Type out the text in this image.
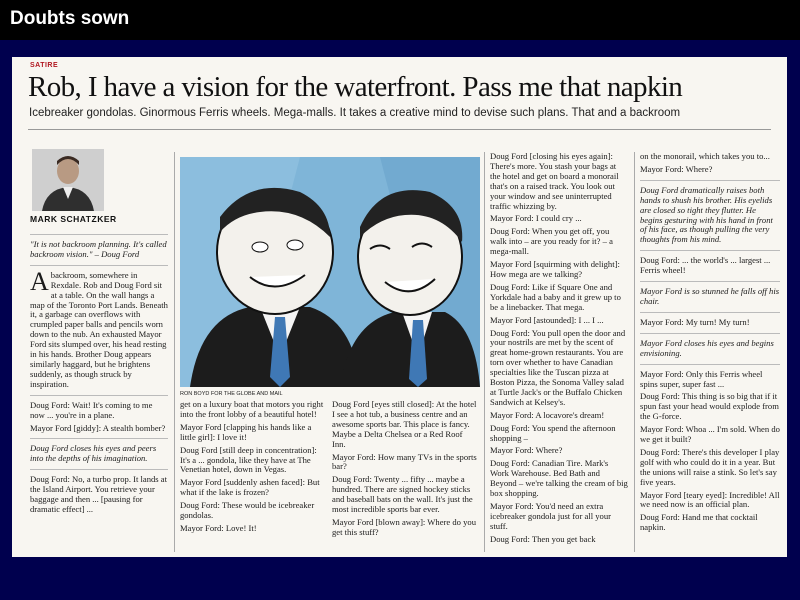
Doubts sown
SATIRE
Rob, I have a vision for the waterfront. Pass me that napkin
Icebreaker gondolas. Ginormous Ferris wheels. Mega-malls. It takes a creative mind to devise such plans. That and a backroom
MARK SCHATZKER

"It is not backroom planning. It's called backroom vision." – Doug Ford

Abackroom, somewhere in Rexdale. Rob and Doug Ford sit at a table. On the wall hangs a map of the Toronto Port Lands. Beneath it, a garbage can overflows with crumpled paper balls and pencils worn down to the nub. An exhausted Mayor Ford sits slumped over, his head resting in his hands. Brother Doug appears similarly haggard, but he brightens suddenly, as though struck by inspiration.

Doug Ford: Wait! It's coming to me now ... you're in a plane.

Mayor Ford [giddy]: A stealth bomber?

Doug Ford closes his eyes and peers into the depths of his imagination.

Doug Ford: No, a turbo prop. It lands at the Island Airport. You retrieve your baggage and then ... [pausing for dramatic effect] ...

RON BOYD FOR THE GLOBE AND MAIL

get on a luxury boat that motors you right into the front lobby of a beautiful hotel!

Mayor Ford [clapping his hands like a little girl]: I love it!

Doug Ford [still deep in concentration]: It's a ... gondola, like they have at The Venetian hotel, down in Vegas.

Mayor Ford [suddenly ashen faced]: But what if the lake is frozen?

Doug Ford: These would be icebreaker gondolas.

Mayor Ford: Love! It!

Doug Ford [eyes still closed]: At the hotel I see a hot tub, a business centre and an awesome sports bar. This place is fancy. Maybe a Delta Chelsea or a Red Roof Inn.

Mayor Ford: How many TVs in the sports bar?

Doug Ford: Twenty ... fifty ... maybe a hundred. There are signed hockey sticks and baseball bats on the wall. It's just the most incredible sports bar ever.

Mayor Ford [blown away]: Where do you get this stuff?

Doug Ford [closing his eyes again]: There's more. You stash your bags at the hotel and get on board a monorail that's on a raised track. You look out your window and see uninterrupted traffic whizzing by.

Mayor Ford: I could cry ...

Doug Ford: When you get off, you walk into – are you ready for it? – a mega-mall.

Mayor Ford [squirming with delight]: How mega are we talking?

Doug Ford: Like if Square One and Yorkdale had a baby and it grew up to be a linebacker. That mega.

Mayor Ford [astounded]: I ... I ...

Doug Ford: You pull open the door and your nostrils are met by the scent of great home-grown restaurants. You are torn over whether to have Canadian specialties like the Tuscan pizza at Boston Pizza, the Sonoma Valley salad at Turtle Jack's or the Buffalo Chicken Sandwich at Kelsey's.

Mayor Ford: A locavore's dream!

Doug Ford: You spend the afternoon shopping –

Mayor Ford: Where?

Doug Ford: Canadian Tire. Mark's Work Warehouse. Bed Bath and Beyond – we're talking the cream of big box shopping.

Mayor Ford: You'd need an extra icebreaker gondola just for all your stuff.

Doug Ford: Then you get back

on the monorail, which takes you to...

Mayor Ford: Where?

Doug Ford dramatically raises both hands to shush his brother. His eyelids are closed so tight they flutter. He begins gesturing with his hand in front of his face, as though pulling the very thoughts from his mind.

Doug Ford: ... the world's ... largest ... Ferris wheel!

Mayor Ford is so stunned he falls off his chair.

Mayor Ford: My turn! My turn!

Mayor Ford closes his eyes and begins envisioning.

Mayor Ford: Only this Ferris wheel spins super, super fast ...

Doug Ford: This thing is so big that if it spun fast your head would explode from the G-force.

Mayor Ford: Whoa ... I'm sold. When do we get it built?

Doug Ford: There's this developer I play golf with who could do it in a year. But the unions will raise a stink. So let's say five years.

Mayor Ford [teary eyed]: Incredible! All we need now is an official plan.

Doug Ford: Hand me that cocktail napkin.
